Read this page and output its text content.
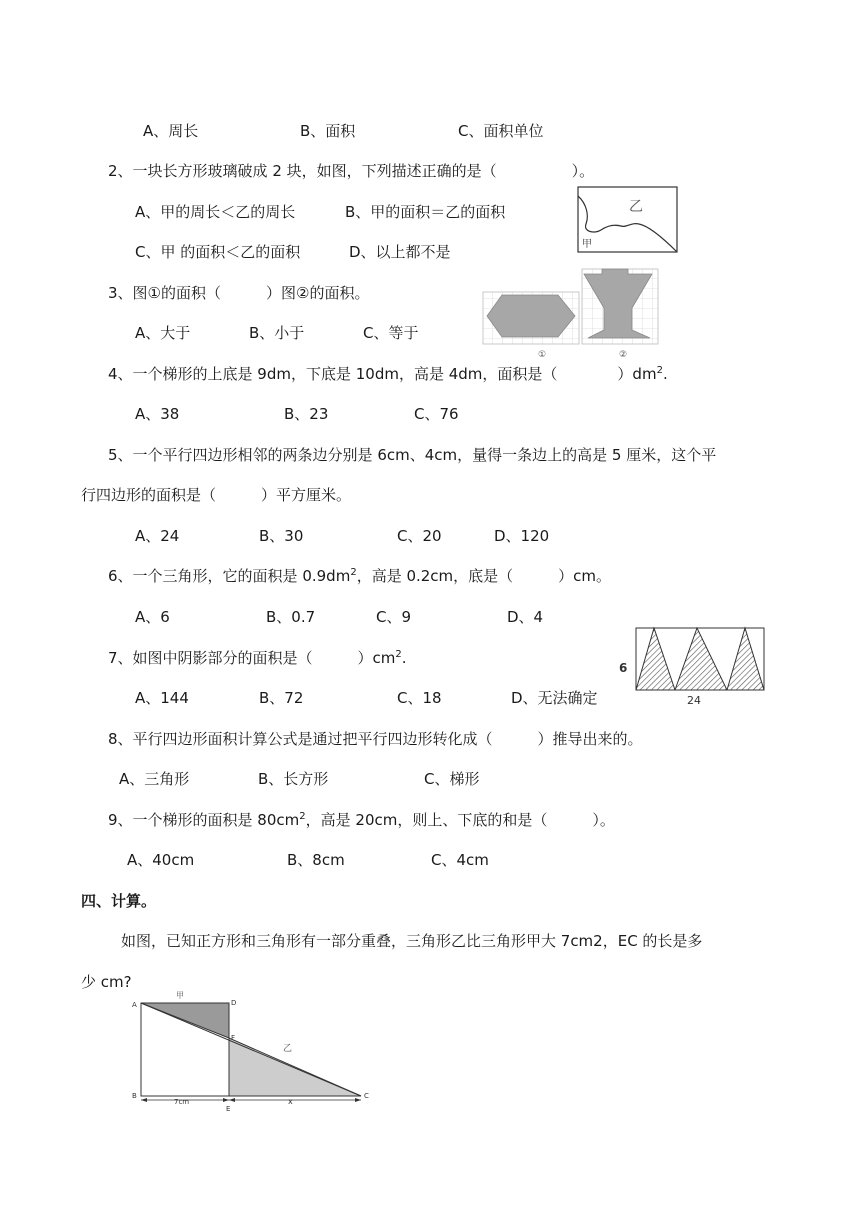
A、周长	B、面积	C、面积单位
2、一块长方形玻璃破成 2 块，如图，下列描述正确的是（　　　　　）。
A、甲的周长＜乙的周长	B、甲的面积＝乙的面积
C、甲 的面积＜乙的面积	D、以上都不是
乙
甲
3、图①的面积（　　　）图②的面积。
A、大于	B、小于	C、等于
①	②
4、一个梯形的上底是 9dm，下底是 10dm，高是 4dm，面积是（　　　　）$dm^2$.
A、38	B、23	C、76
5、一个平行四边形相邻的两条边分别是 6cm、4cm，量得一条边上的高是 5 厘米，这个平
行四边形的面积是（　　　）平方厘米。
A、24	B、30	C、20	D、120
6、一个三角形，它的面积是 $0.9dm^2$，高是 0.2cm，底是（　　　）cm。
A、6	B、0.7	C、9	D、4
7、如图中阴影部分的面积是（　　　）$cm^2$.
A、144	B、72	C、18	D、无法确定
6
24
8、平行四边形面积计算公式是通过把平行四边形转化成（　　　）推导出来的。
A、三角形	B、长方形	C、梯形
9、一个梯形的面积是 $80cm^2$，高是 20cm，则上、下底的和是（　　　）。
A、40cm	B、8cm	C、4cm
四、计算。
如图，已知正方形和三角形有一部分重叠，三角形乙比三角形甲大 7cm2，EC 的长是多
少 cm?
A
B	C
D
E
F
甲
乙
7cm	x
